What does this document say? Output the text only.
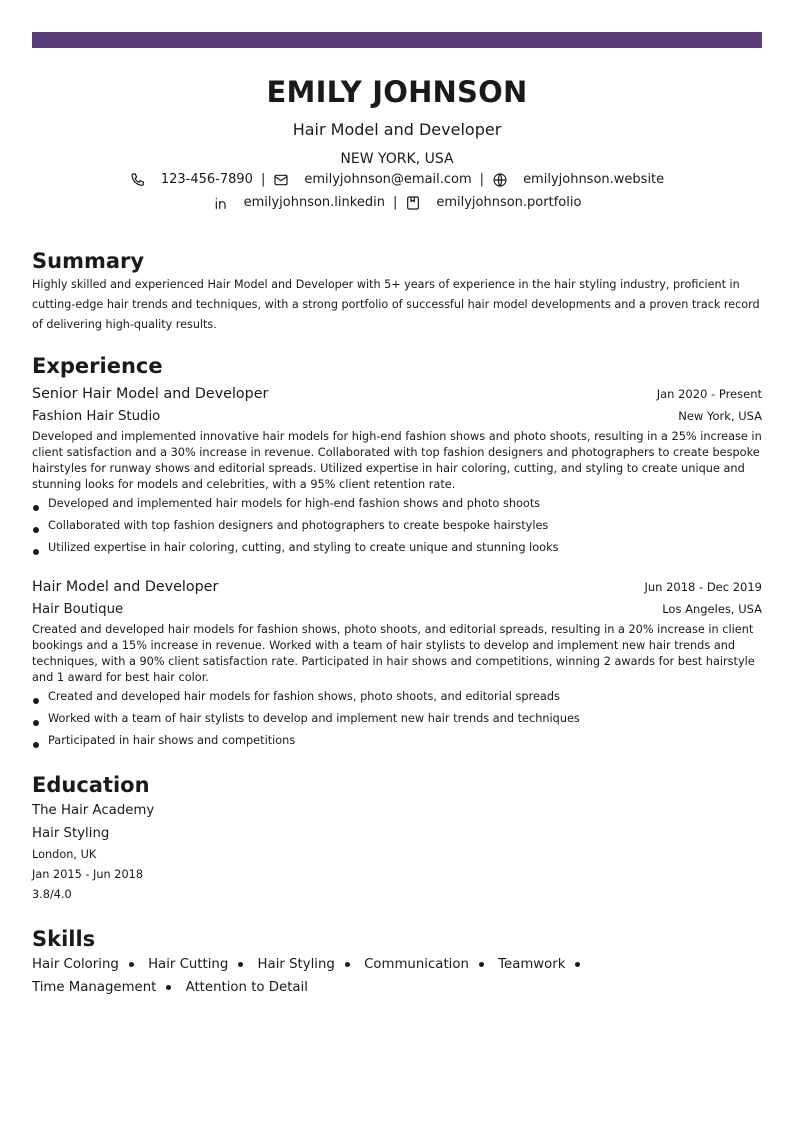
EMILY JOHNSON
Hair Model and Developer
NEW YORK, USA
123-456-7890 |	emilyjohnson@email.com |	emilyjohnson.website
emilyjohnson.linkedin |	emilyjohnson.portfolio
Summary
Highly skilled and experienced Hair Model and Developer with 5+ years of experience in the hair styling industry, proficient in cutting-edge hair trends and techniques, with a strong portfolio of successful hair model developments and a proven track record of delivering high-quality results.
Experience
Senior Hair Model and Developer	Jan 2020 - Present
Fashion Hair Studio	New York, USA
Developed and implemented innovative hair models for high-end fashion shows and photo shoots, resulting in a 25% increase in client satisfaction and a 30% increase in revenue. Collaborated with top fashion designers and photographers to create bespoke hairstyles for runway shows and editorial spreads. Utilized expertise in hair coloring, cutting, and styling to create unique and stunning looks for models and celebrities, with a 95% client retention rate.
Developed and implemented hair models for high-end fashion shows and photo shoots
Collaborated with top fashion designers and photographers to create bespoke hairstyles
Utilized expertise in hair coloring, cutting, and styling to create unique and stunning looks
Hair Model and Developer	Jun 2018 - Dec 2019
Hair Boutique	Los Angeles, USA
Created and developed hair models for fashion shows, photo shoots, and editorial spreads, resulting in a 20% increase in client bookings and a 15% increase in revenue. Worked with a team of hair stylists to develop and implement new hair trends and techniques, with a 90% client satisfaction rate. Participated in hair shows and competitions, winning 2 awards for best hairstyle and 1 award for best hair color.
Created and developed hair models for fashion shows, photo shoots, and editorial spreads
Worked with a team of hair stylists to develop and implement new hair trends and techniques
Participated in hair shows and competitions
Education
The Hair Academy
Hair Styling
London, UK
Jan 2015 - Jun 2018
3.8/4.0
Skills
Hair Coloring Hair Cutting Hair Styling Communication Teamwork Time Management Attention to Detail
